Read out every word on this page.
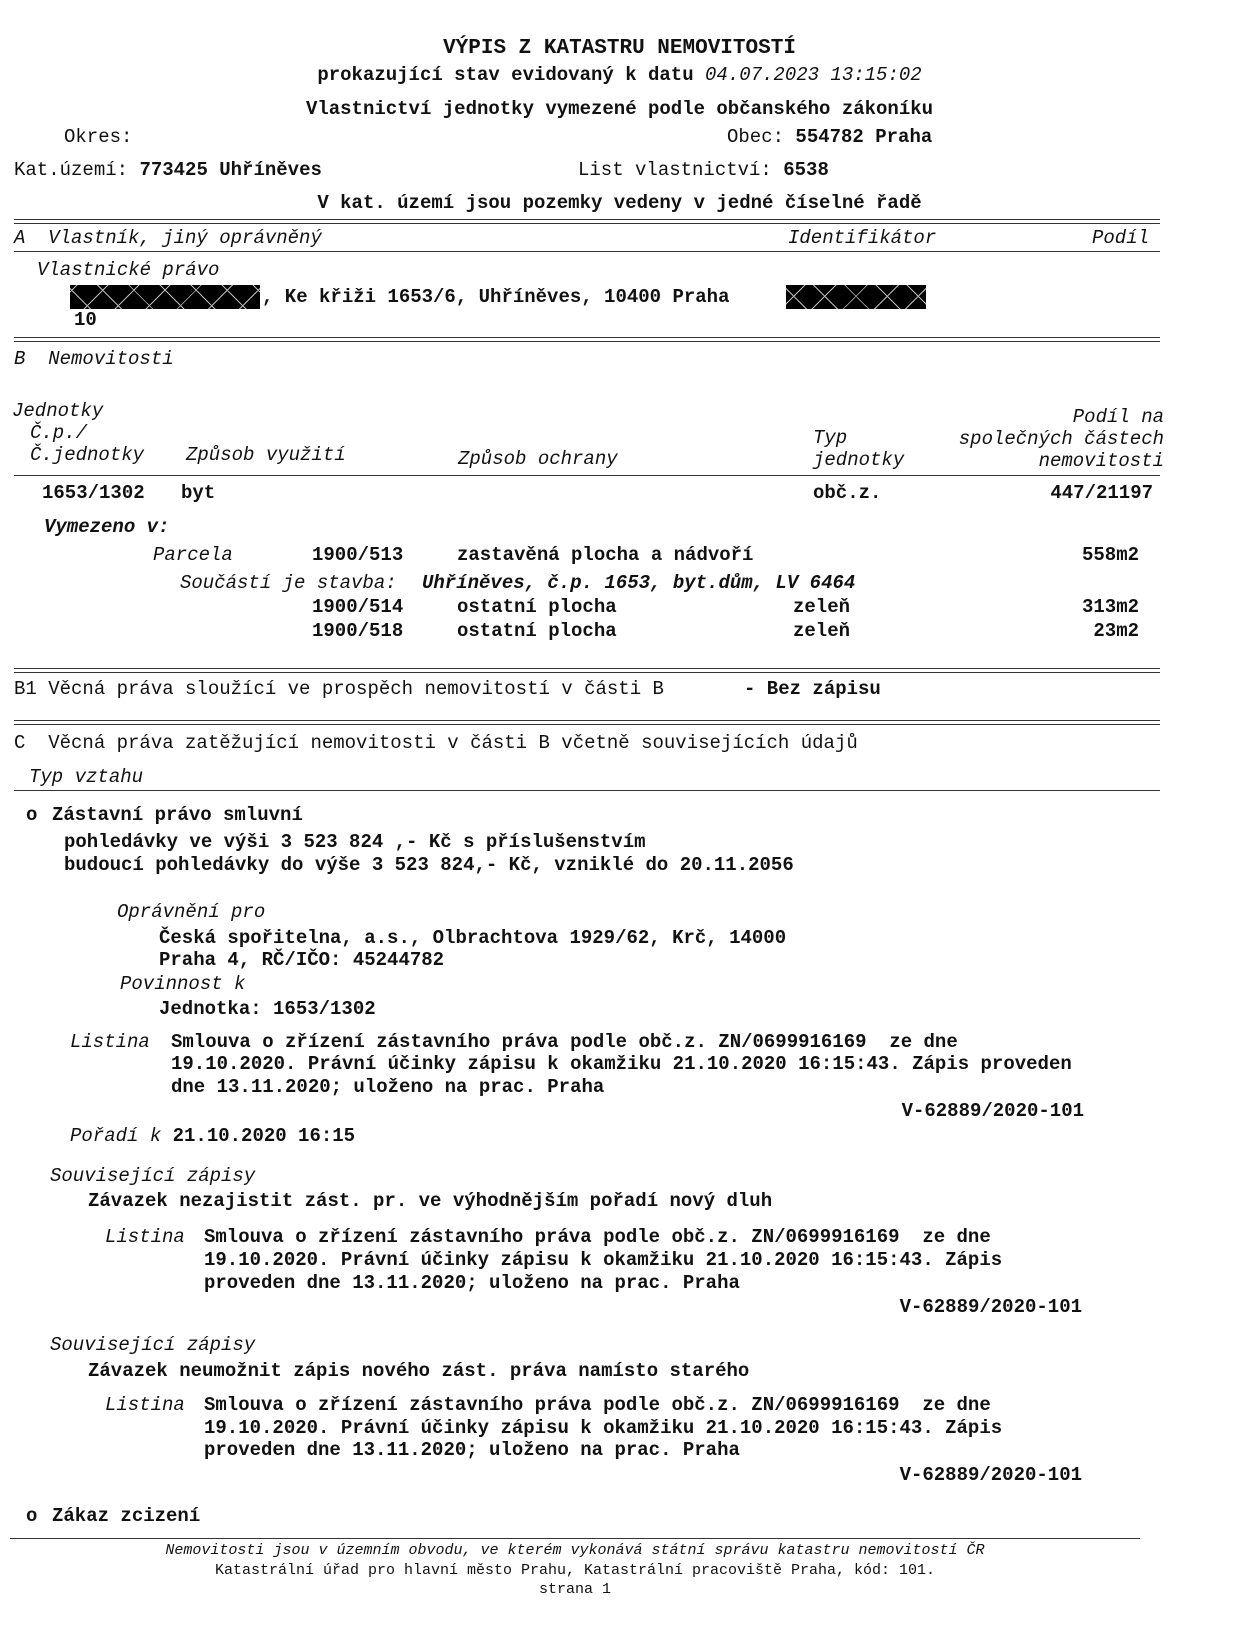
VÝPIS Z KATASTRU NEMOVITOSTÍ
prokazující stav evidovaný k datu 04.07.2023 13:15:02
Vlastnictví jednotky vymezené podle občanského zákoníku
Okres:	Obec: 554782 Praha
Kat.území: 773425 Uhříněves	List vlastnictví: 6538
V kat. území jsou pozemky vedeny v jedné číselné řadě
A  Vlastník, jiný oprávněný	Identifikátor	Podíl
Vlastnické právo
, Ke křiži 1653/6, Uhříněves, 10400 Praha
10
B  Nemovitosti
Jednotky
Č.p./
Č.jednotky Způsob využití	Způsob ochrany
Typ
jednotky
Podíl na
společných částech
nemovitosti
1653/1302 byt	obč.z.	447/21197
Vymezeno v:
Parcela	1900/513	zastavěná plocha a nádvoří	558m2
Součástí je stavba: Uhříněves, č.p. 1653, byt.dům, LV 6464
1900/514	ostatní plocha	zeleň	313m2
1900/518	ostatní plocha	zeleň	23m2
B1 Věcná práva sloužící ve prospěch nemovitostí v části B	- Bez zápisu
C  Věcná práva zatěžující nemovitosti v části B včetně souvisejících údajů
Typ vztahu
o Zástavní právo smluvní
pohledávky ve výši 3 523 824 ,- Kč s příslušenstvím
budoucí pohledávky do výše 3 523 824,- Kč, vzniklé do 20.11.2056
Oprávnění pro
Česká spořitelna, a.s., Olbrachtova 1929/62, Krč, 14000
Praha 4, RČ/IČO: 45244782
Povinnost k
Jednotka: 1653/1302
Listina Smlouva o zřízení zástavního práva podle obč.z. ZN/0699916169  ze dne
19.10.2020. Právní účinky zápisu k okamžiku 21.10.2020 16:15:43. Zápis proveden
dne 13.11.2020; uloženo na prac. Praha
V-62889/2020-101
Pořadí k 21.10.2020 16:15
Související zápisy
Závazek nezajistit zást. pr. ve výhodnějším pořadí nový dluh
Listina Smlouva o zřízení zástavního práva podle obč.z. ZN/0699916169  ze dne
19.10.2020. Právní účinky zápisu k okamžiku 21.10.2020 16:15:43. Zápis
proveden dne 13.11.2020; uloženo na prac. Praha
V-62889/2020-101
Související zápisy
Závazek neumožnit zápis nového zást. práva namísto starého
Listina Smlouva o zřízení zástavního práva podle obč.z. ZN/0699916169  ze dne
19.10.2020. Právní účinky zápisu k okamžiku 21.10.2020 16:15:43. Zápis
proveden dne 13.11.2020; uloženo na prac. Praha
V-62889/2020-101
o Zákaz zcizení
Nemovitosti jsou v územním obvodu, ve kterém vykonává státní správu katastru nemovitostí ČR
Katastrální úřad pro hlavní město Prahu, Katastrální pracoviště Praha, kód: 101.
strana 1
